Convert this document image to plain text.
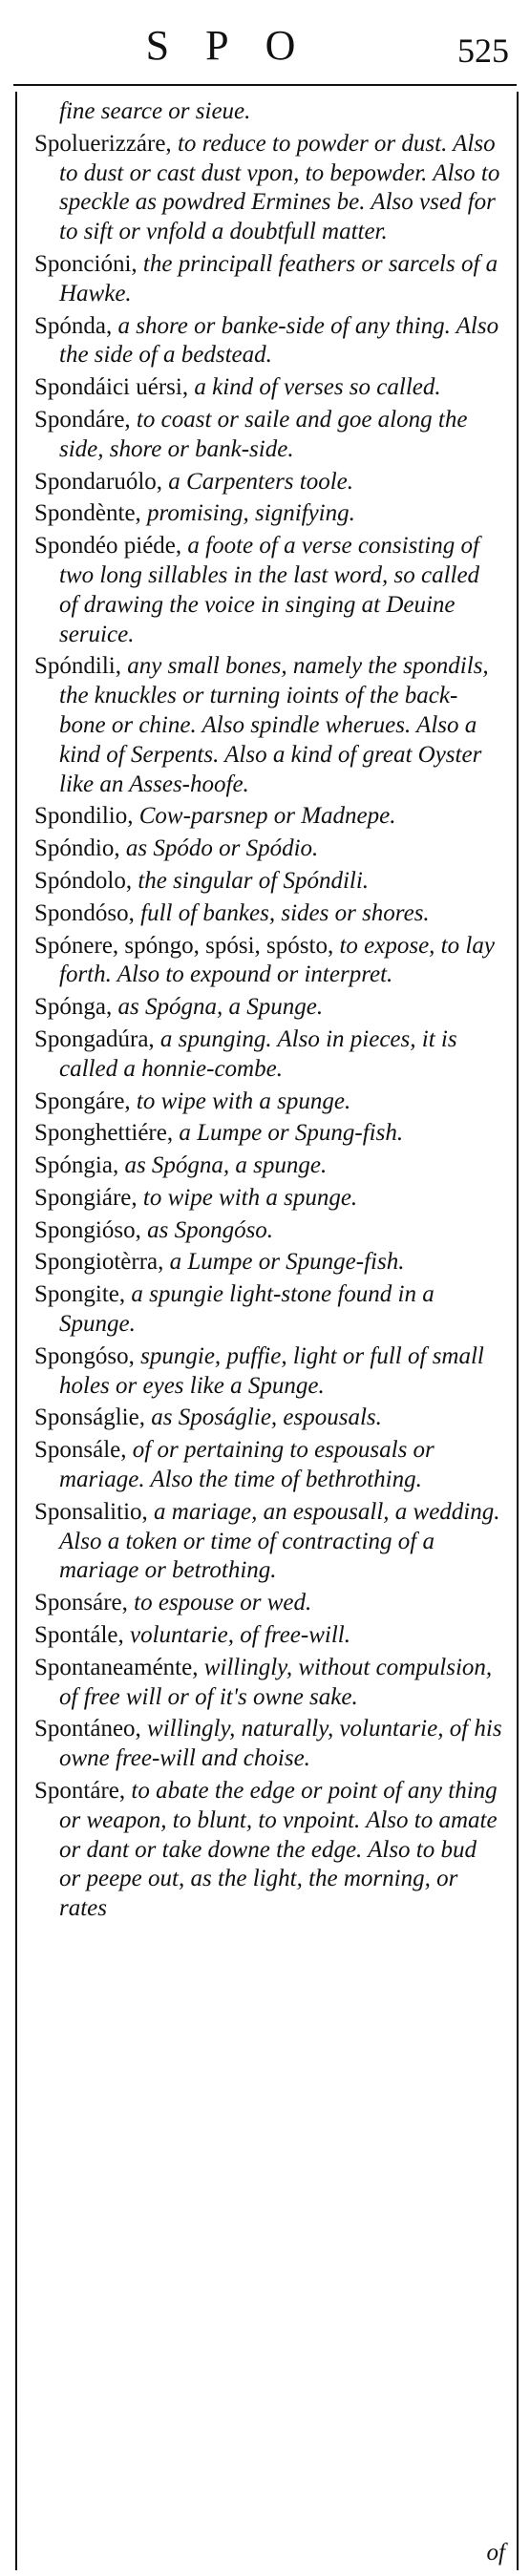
SPO	525
fine searce or sieue.
Spoluerizzáre, to reduce to powder or dust. Also to dust or cast dust vpon, to bepowder. Also to speckle as powdred Ermines be. Also vsed for to sift or vnfold a doubtfull matter.
Sponcióni, the principall feathers or sarcels of a Hawke.
Spónda, a shore or banke-side of any thing. Also the side of a bedstead.
Spondáici uérsi, a kind of verses so called.
Spondáre, to coast or saile and goe along the side, shore or bank-side.
Spondaruólo, a Carpenters toole.
Spondènte, promising, signifying.
Spondéo piéde, a foote of a verse consisting of two long sillables in the last word, so called of drawing the voice in singing at Deuine seruice.
Spóndili, any small bones, namely the spondils, the knuckles or turning ioints of the back-bone or chine. Also spindle wherues. Also a kind of Serpents. Also a kind of great Oyster like an Asses-hoofe.
Spondilio, Cow-parsnep or Madnepe.
Spóndio, as Spódo or Spódio.
Spóndolo, the singular of Spóndili.
Spondóso, full of bankes, sides or shores.
Spónere, spóngo, spósi, spósto, to expose, to lay forth. Also to expound or interpret.
Spónga, as Spógna, a Spunge.
Spongadúra, a spunging. Also in pieces, it is called a honnie-combe.
Spongáre, to wipe with a spunge.
Sponghettiére, a Lumpe or Spung-fish.
Spóngia, as Spógna, a spunge.
Spongiáre, to wipe with a spunge.
Spongióso, as Spongóso.
Spongiotèrra, a Lumpe or Spunge-fish.
Spongite, a spungie light-stone found in a Spunge.
Spongóso, spungie, puffie, light or full of small holes or eyes like a Spunge.
Sponságlie, as Sposáglie, espousals.
Sponsále, of or pertaining to espousals or mariage. Also the time of bethrothing.
Sponsalitio, a mariage, an espousall, a wedding. Also a token or time of contracting of a mariage or betrothing.
Sponsáre, to espouse or wed.
Spontále, voluntarie, of free-will.
Spontaneaménte, willingly, without compulsion, of free will or of it's owne sake.
Spontáneo, willingly, naturally, voluntarie, of his owne free-will and choise.
Spontáre, to abate the edge or point of any thing or weapon, to blunt, to vnpoint. Also to amate or dant or take downe the edge. Also to bud or peepe out, as the light, the morning, or rates
of
